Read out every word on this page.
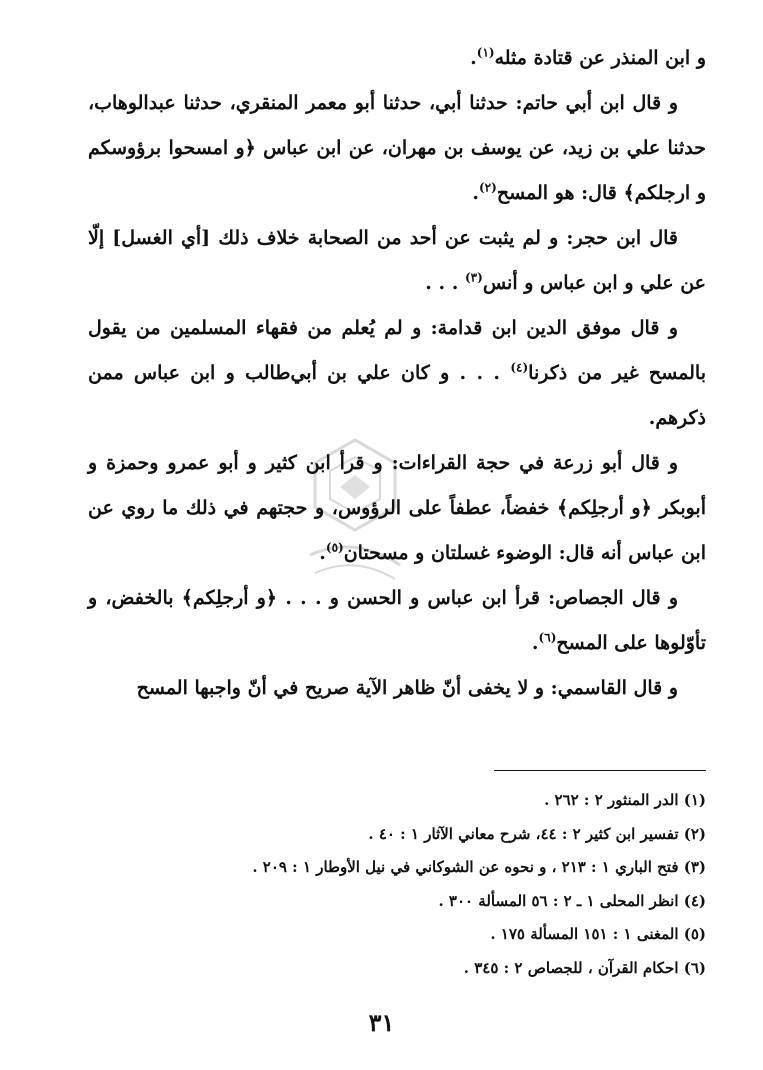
و ابن المنذر عن قتادة مثله$^{(١)}$.

و قال ابن أبي حاتم: حدثنا أبي، حدثنا أبو معمر المنقري، حدثنا عبدالوهاب، حدثنا علي بن زيد، عن يوسف بن مهران، عن ابن عباس ﴿و امسحوا برؤوسكم و ارجلكم﴾ قال: هو المسح$^{(٢)}$.

قال ابن حجر: و لم يثبت عن أحد من الصحابة خلاف ذلك [أي الغسل] إلّا عن علي و ابن عباس و أنس$^{(٣)}$ . . .

و قال موفق الدين ابن قدامة: و لم يُعلم من فقهاء المسلمين من يقول بالمسح غير من ذكرنا$^{(٤)}$ . . . و كان علي بن أبي‌طالب و ابن عباس ممن ذكرهم.

و قال أبو زرعة في حجة القراءات: و قرأ ابن كثير و أبو عمرو وحمزة و أبوبكر ﴿و أرجلِكم﴾ خفضاً، عطفاً على الرؤوس، و حجتهم في ذلك ما روي عن ابن عباس أنه قال: الوضوء غسلتان و مسحتان$^{(٥)}$.

و قال الجصاص: قرأ ابن عباس و الحسن و . . . ﴿و أرجلِكم﴾ بالخفض، و تأوّلوها على المسح$^{(٦)}$.

و قال القاسمي: و لا يخفى أنّ ظاهر الآية صريح في أنّ واجبها المسح

(١) الدر المنثور ٢ : ٢٦٢ .
(٢) تفسير ابن كثير ٢ : ٤٤، شرح معاني الآثار ١ : ٤٠ .
(٣) فتح الباري ١ : ٢١٣ ، و نحوه عن الشوكاني في نيل الأوطار ١ : ٢٠٩ .
(٤) انظر المحلى ١ ـ ٢ : ٥٦ المسألة ٣٠٠ .
(٥) المغنى ١ : ١٥١ المسألة ١٧٥ .
(٦) احكام القرآن ، للجصاص ٢ : ٣٤٥ .
٣١
